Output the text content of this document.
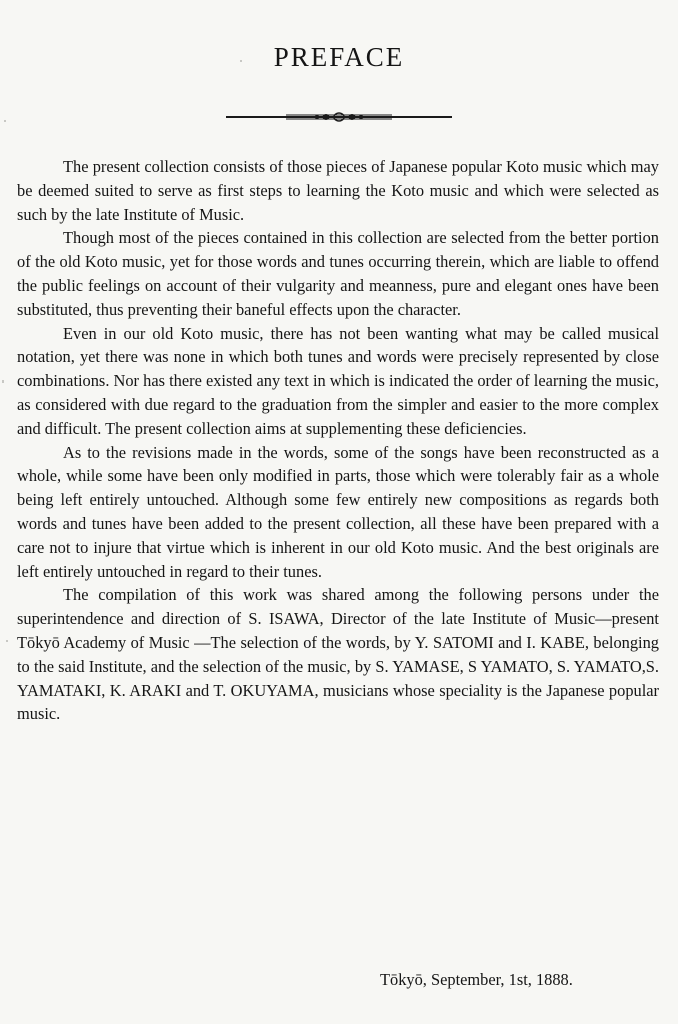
PREFACE

The present collection consists of those pieces of Japanese popular Koto music which may be deemed suited to serve as first steps to learning the Koto music and which were selected as such by the late Institute of Music.

Though most of the pieces contained in this collection are selected from the better portion of the old Koto music, yet for those words and tunes occurring therein, which are liable to offend the public feelings on account of their vulgarity and meanness, pure and elegant ones have been substituted, thus preventing their baneful effects upon the character.

Even in our old Koto music, there has not been wanting what may be called musical notation, yet there was none in which both tunes and words were precisely represented by close combinations. Nor has there existed any text in which is indicated the order of learning the music, as considered with due regard to the graduation from the simpler and easier to the more complex and difficult. The present collection aims at supplementing these deficiencies.

As to the revisions made in the words, some of the songs have been reconstructed as a whole, while some have been only modified in parts, those which were tolerably fair as a whole being left entirely untouched. Although some few entirely new compositions as regards both words and tunes have been added to the present collection, all these have been prepared with a care not to injure that virtue which is inherent in our old Koto music. And the best originals are left entirely untouched in regard to their tunes.

The compilation of this work was shared among the following persons under the superintendence and direction of S. ISAWA, Director of the late Institute of Music—present Tōkyō Academy of Music —The selection of the words, by Y. SATOMI and I. KABE, belonging to the said Institute, and the selection of the music, by S. YAMASE, S YAMATO, S. YAMATO,S. YAMATAKI, K. ARAKI and T. OKUYAMA, musicians whose speciality is the Japanese popular music.

Tōkyō, September, 1st, 1888.
